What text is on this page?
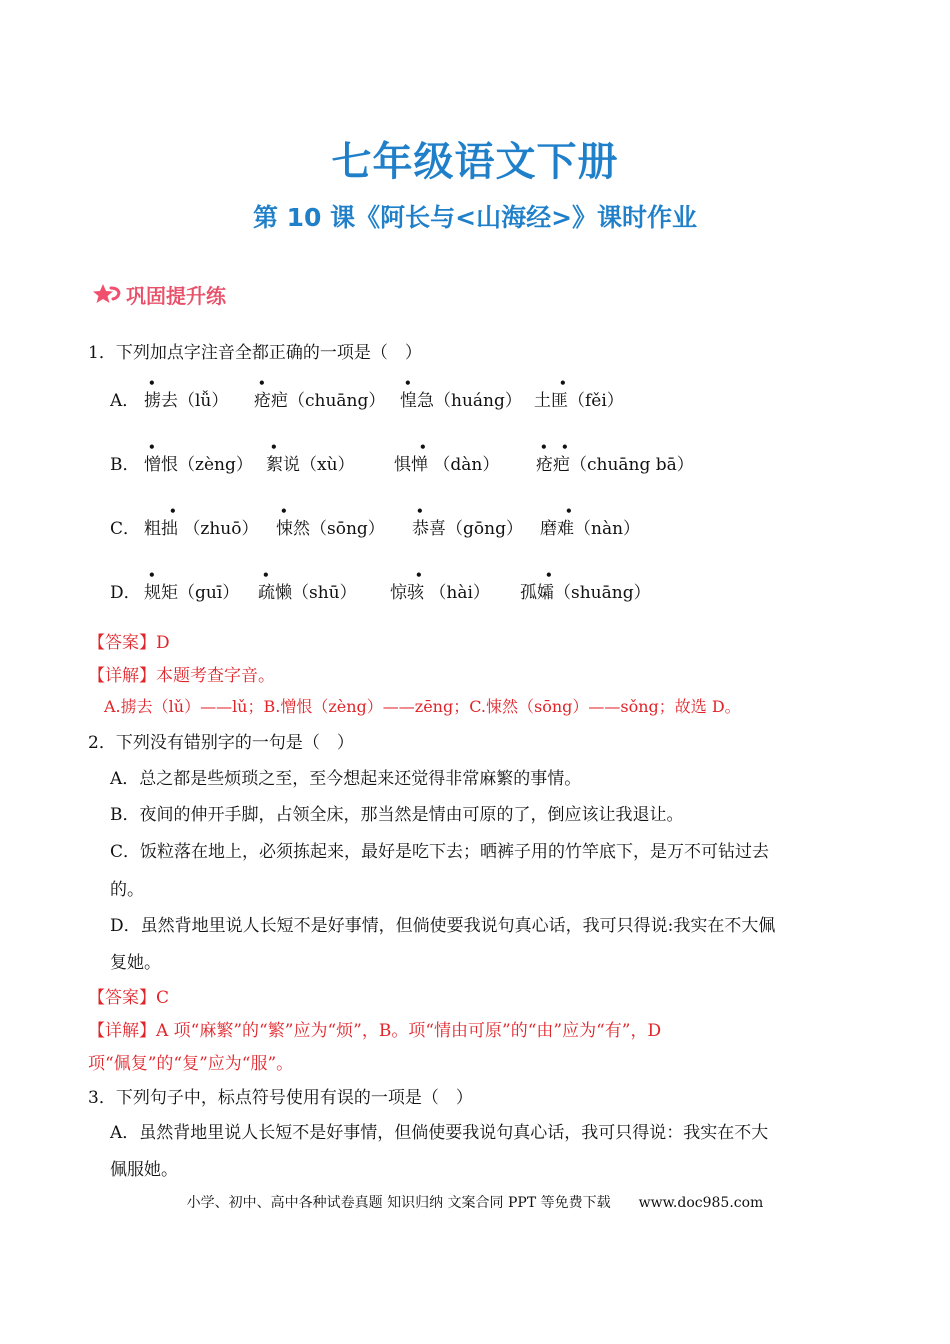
七年级语文下册
第 10 课《阿长与<山海经>》课时作业
巩固提升练
1．下列加点字注音全都正确的一项是（　）
A． 掳去（lǚ） 疮疤（chuāng） 惶急（huáng） 土匪（fěi）
•	•	•	•
B． 憎恨（zèng） 絮说（xù） 惧惮 （dàn） 疮疤（chuāng bā）
•	•	•	• •
C． 粗拙 （zhuō） 悚然（sōng） 恭喜（gōng） 磨难（nàn）
•	•	•	•
D． 规矩（guī） 疏懒（shū） 惊骇 （hài） 孤孀（shuāng）
•	•	•	•
【答案】D
【详解】本题考查字音。
A.掳去（lǔ）——lǔ；B.憎恨（zèng）——zēng；C.悚然（sōng）——sǒng；故选 D。
2．下列没有错别字的一句是（　）
A．总之都是些烦琐之至，至今想起来还觉得非常麻繁的事情。
B．夜间的伸开手脚，占领全床，那当然是情由可原的了，倒应该让我退让。
C．饭粒落在地上，必须拣起来，最好是吃下去；晒裤子用的竹竿底下，是万不可钻过去
的。
D．虽然背地里说人长短不是好事情，但倘使要我说句真心话，我可只得说:我实在不大佩
复她。
【答案】C
【详解】A 项“麻繁”的“繁”应为“烦”，B。项“情由可原”的“由”应为“有”，D
项“佩复”的“复”应为“服”。
3．下列句子中，标点符号使用有误的一项是（　）
A．虽然背地里说人长短不是好事情，但倘使要我说句真心话，我可只得说：我实在不大
佩服她。
小学、初中、高中各种试卷真题 知识归纳 文案合同 PPT 等免费下载　　www.doc985.com
